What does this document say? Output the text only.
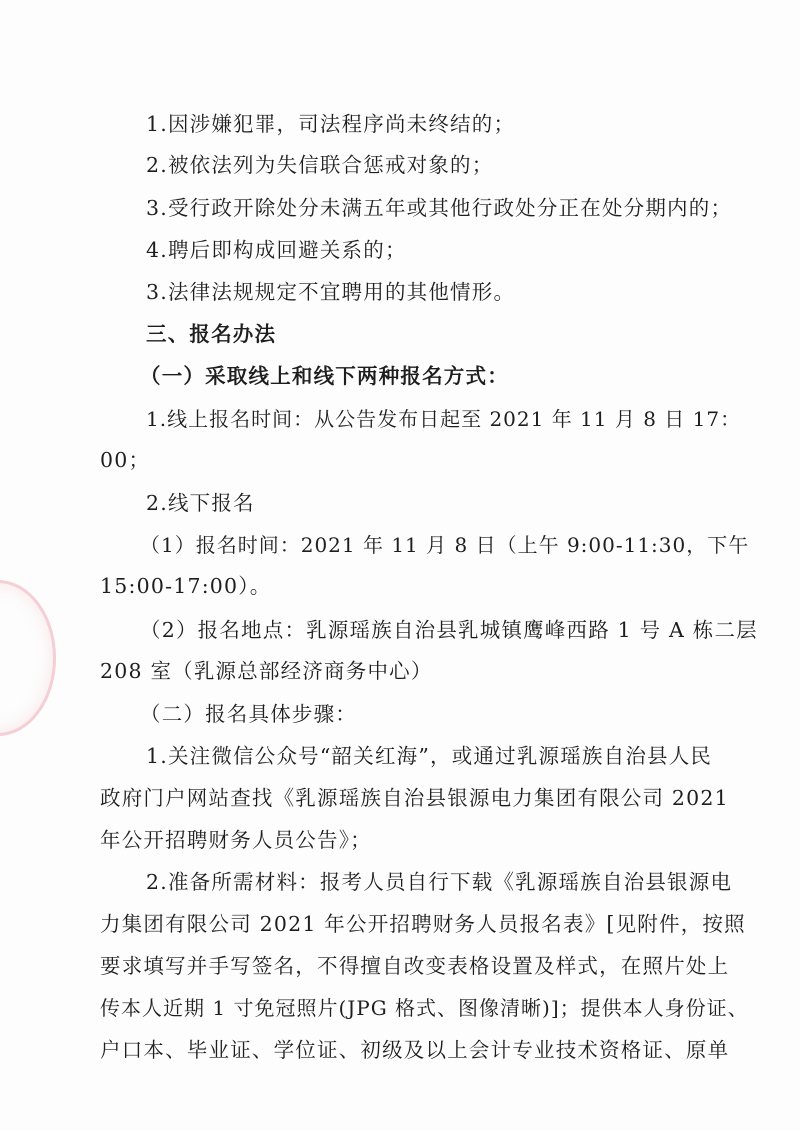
1.因涉嫌犯罪，司法程序尚未终结的；
2.被依法列为失信联合惩戒对象的；
3.受行政开除处分未满五年或其他行政处分正在处分期内的；
4.聘后即构成回避关系的；
3.法律法规规定不宜聘用的其他情形。
三、报名办法
（一）采取线上和线下两种报名方式：
1.线上报名时间：从公告发布日起至 2021 年 11 月 8 日 17：
00；
2.线下报名
（1）报名时间：2021 年 11 月 8 日（上午 9:00-11:30，下午
15:00-17:00）。
（2）报名地点：乳源瑶族自治县乳城镇鹰峰西路 1 号 A 栋二层
208 室（乳源总部经济商务中心）
（二）报名具体步骤：
1.关注微信公众号“韶关红海”，或通过乳源瑶族自治县人民
政府门户网站查找《乳源瑶族自治县银源电力集团有限公司 2021
年公开招聘财务人员公告》；
2.准备所需材料：报考人员自行下载《乳源瑶族自治县银源电
力集团有限公司 2021 年公开招聘财务人员报名表》[见附件，按照
要求填写并手写签名，不得擅自改变表格设置及样式，在照片处上
传本人近期 1 寸免冠照片(JPG 格式、图像清晰)]；提供本人身份证、
户口本、毕业证、学位证、初级及以上会计专业技术资格证、原单
